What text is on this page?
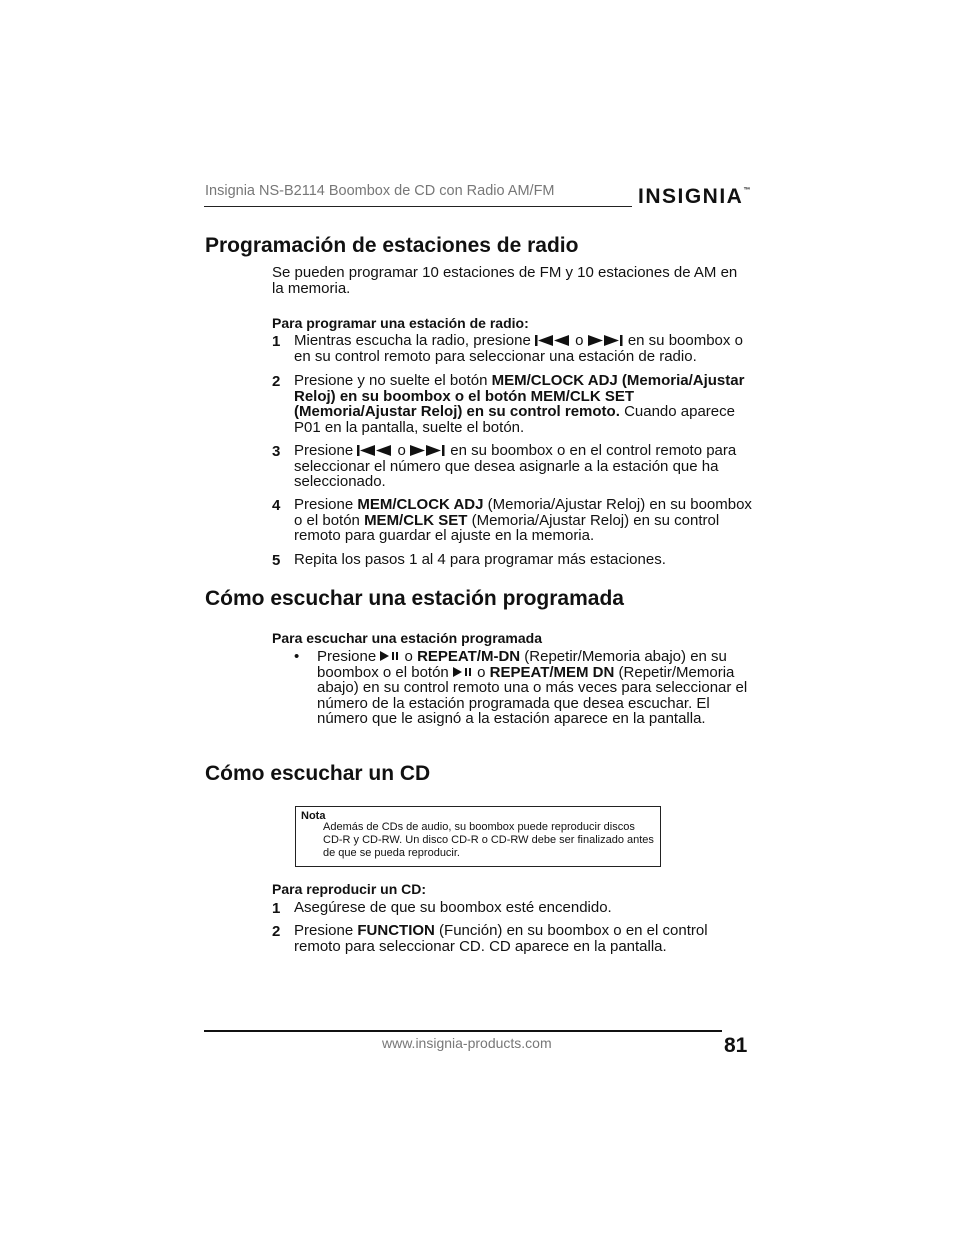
Insignia NS-B2114 Boombox de CD con Radio AM/FM	INSIGNIA™
Programación de estaciones de radio
Se pueden programar 10 estaciones de FM y 10 estaciones de AM en la memoria.
Para programar una estación de radio:
1 Mientras escucha la radio, presione	o	en su boombox o en su control remoto para seleccionar una estación de radio.
2 Presione y no suelte el botón MEM/CLOCK ADJ (Memoria/Ajustar Reloj) en su boombox o el botón MEM/CLK SET (Memoria/Ajustar Reloj) en su control remoto. Cuando aparece P01 en la pantalla, suelte el botón.
3 Presione	o	en su boombox o en el control remoto para seleccionar el número que desea asignarle a la estación que ha seleccionado.
4 Presione MEM/CLOCK ADJ (Memoria/Ajustar Reloj) en su boombox o el botón MEM/CLK SET (Memoria/Ajustar Reloj) en su control remoto para guardar el ajuste en la memoria.
5 Repita los pasos 1 al 4 para programar más estaciones.
Cómo escuchar una estación programada
Para escuchar una estación programada
• Presione o REPEAT/M-DN (Repetir/Memoria abajo) en su boombox o el botón o REPEAT/MEM DN (Repetir/Memoria abajo) en su control remoto una o más veces para seleccionar el número de la estación programada que desea escuchar. El número que le asignó a la estación aparece en la pantalla.
Cómo escuchar un CD
Nota
Además de CDs de audio, su boombox puede reproducir discos CD-R y CD-RW. Un disco CD-R o CD-RW debe ser finalizado antes de que se pueda reproducir.
Para reproducir un CD:
1 Asegúrese de que su boombox esté encendido.
2 Presione FUNCTION (Función) en su boombox o en el control remoto para seleccionar CD. CD aparece en la pantalla.
www.insignia-products.com	81
